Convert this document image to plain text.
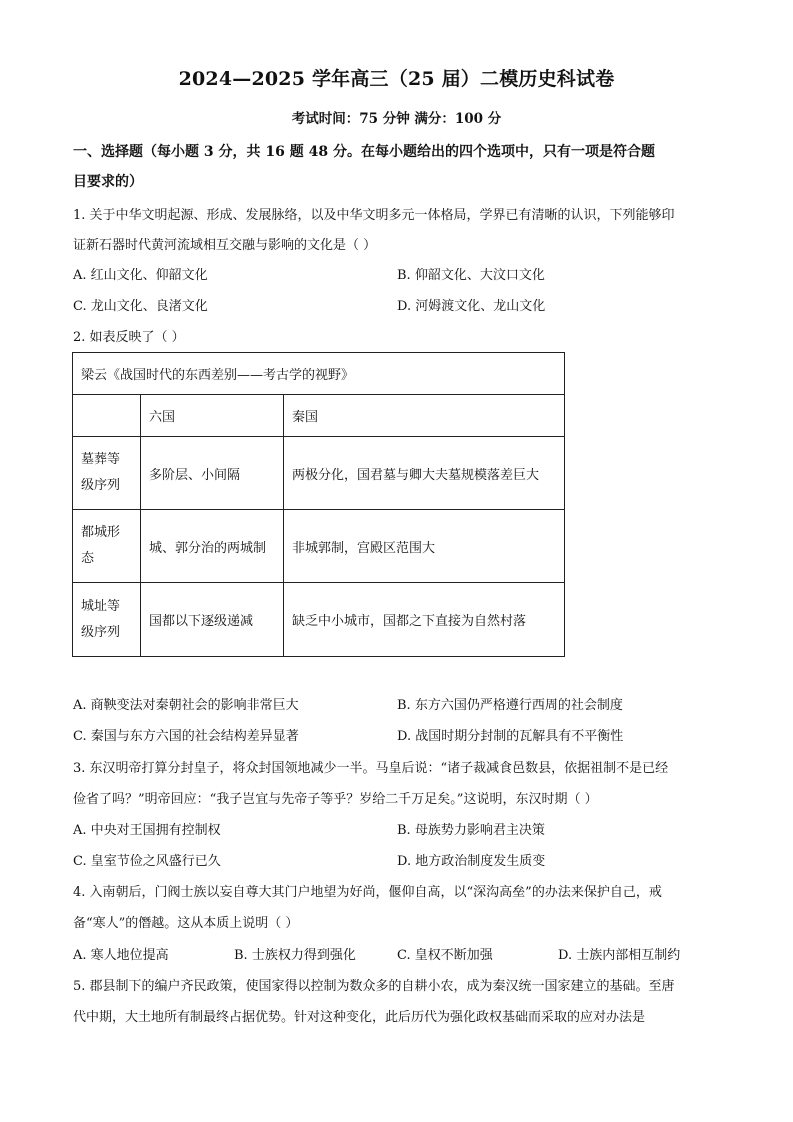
2024—2025 学年高三（25 届）二模历史科试卷
考试时间：75 分钟 满分：100 分
一、选择题（每小题 3 分，共 16 题 48 分。在每小题给出的四个选项中，只有一项是符合题
目要求的）
1. 关于中华文明起源、形成、发展脉络，以及中华文明多元一体格局，学界已有清晰的认识，下列能够印
证新石器时代黄河流域相互交融与影响的文化是（ ）
A. 红山文化、仰韶文化	B. 仰韶文化、大汶口文化
C. 龙山文化、良渚文化	D. 河姆渡文化、龙山文化
2. 如表反映了（ ）
梁云《战国时代的东西差别——考古学的视野》		
	六国	秦国
墓葬等级序列	多阶层、小间隔	两极分化，国君墓与卿大夫墓规模落差巨大
都城形态	城、郭分治的两城制	非城郭制，宫殿区范围大
城址等级序列	国都以下逐级递减	缺乏中小城市，国都之下直接为自然村落
A. 商鞅变法对秦朝社会的影响非常巨大	B. 东方六国仍严格遵行西周的社会制度
C. 秦国与东方六国的社会结构差异显著	D. 战国时期分封制的瓦解具有不平衡性
3. 东汉明帝打算分封皇子，将众封国领地减少一半。马皇后说：“诸子裁减食邑数县，依据祖制不是已经
俭省了吗？”明帝回应：“我子岂宜与先帝子等乎？岁给二千万足矣。”这说明，东汉时期（ ）
A. 中央对王国拥有控制权	B. 母族势力影响君主决策
C. 皇室节俭之风盛行已久	D. 地方政治制度发生质变
4. 入南朝后，门阀士族以妄自尊大其门户地望为好尚，偃仰自高，以“深沟高垒”的办法来保护自己，戒
备“寒人”的僭越。这从本质上说明（ ）
A. 寒人地位提高	B. 士族权力得到强化	C. 皇权不断加强	D. 士族内部相互制约
5. 郡县制下的编户齐民政策，使国家得以控制为数众多的自耕小农，成为秦汉统一国家建立的基础。至唐
代中期，大土地所有制最终占据优势。针对这种变化，此后历代为强化政权基础而采取的应对办法是
